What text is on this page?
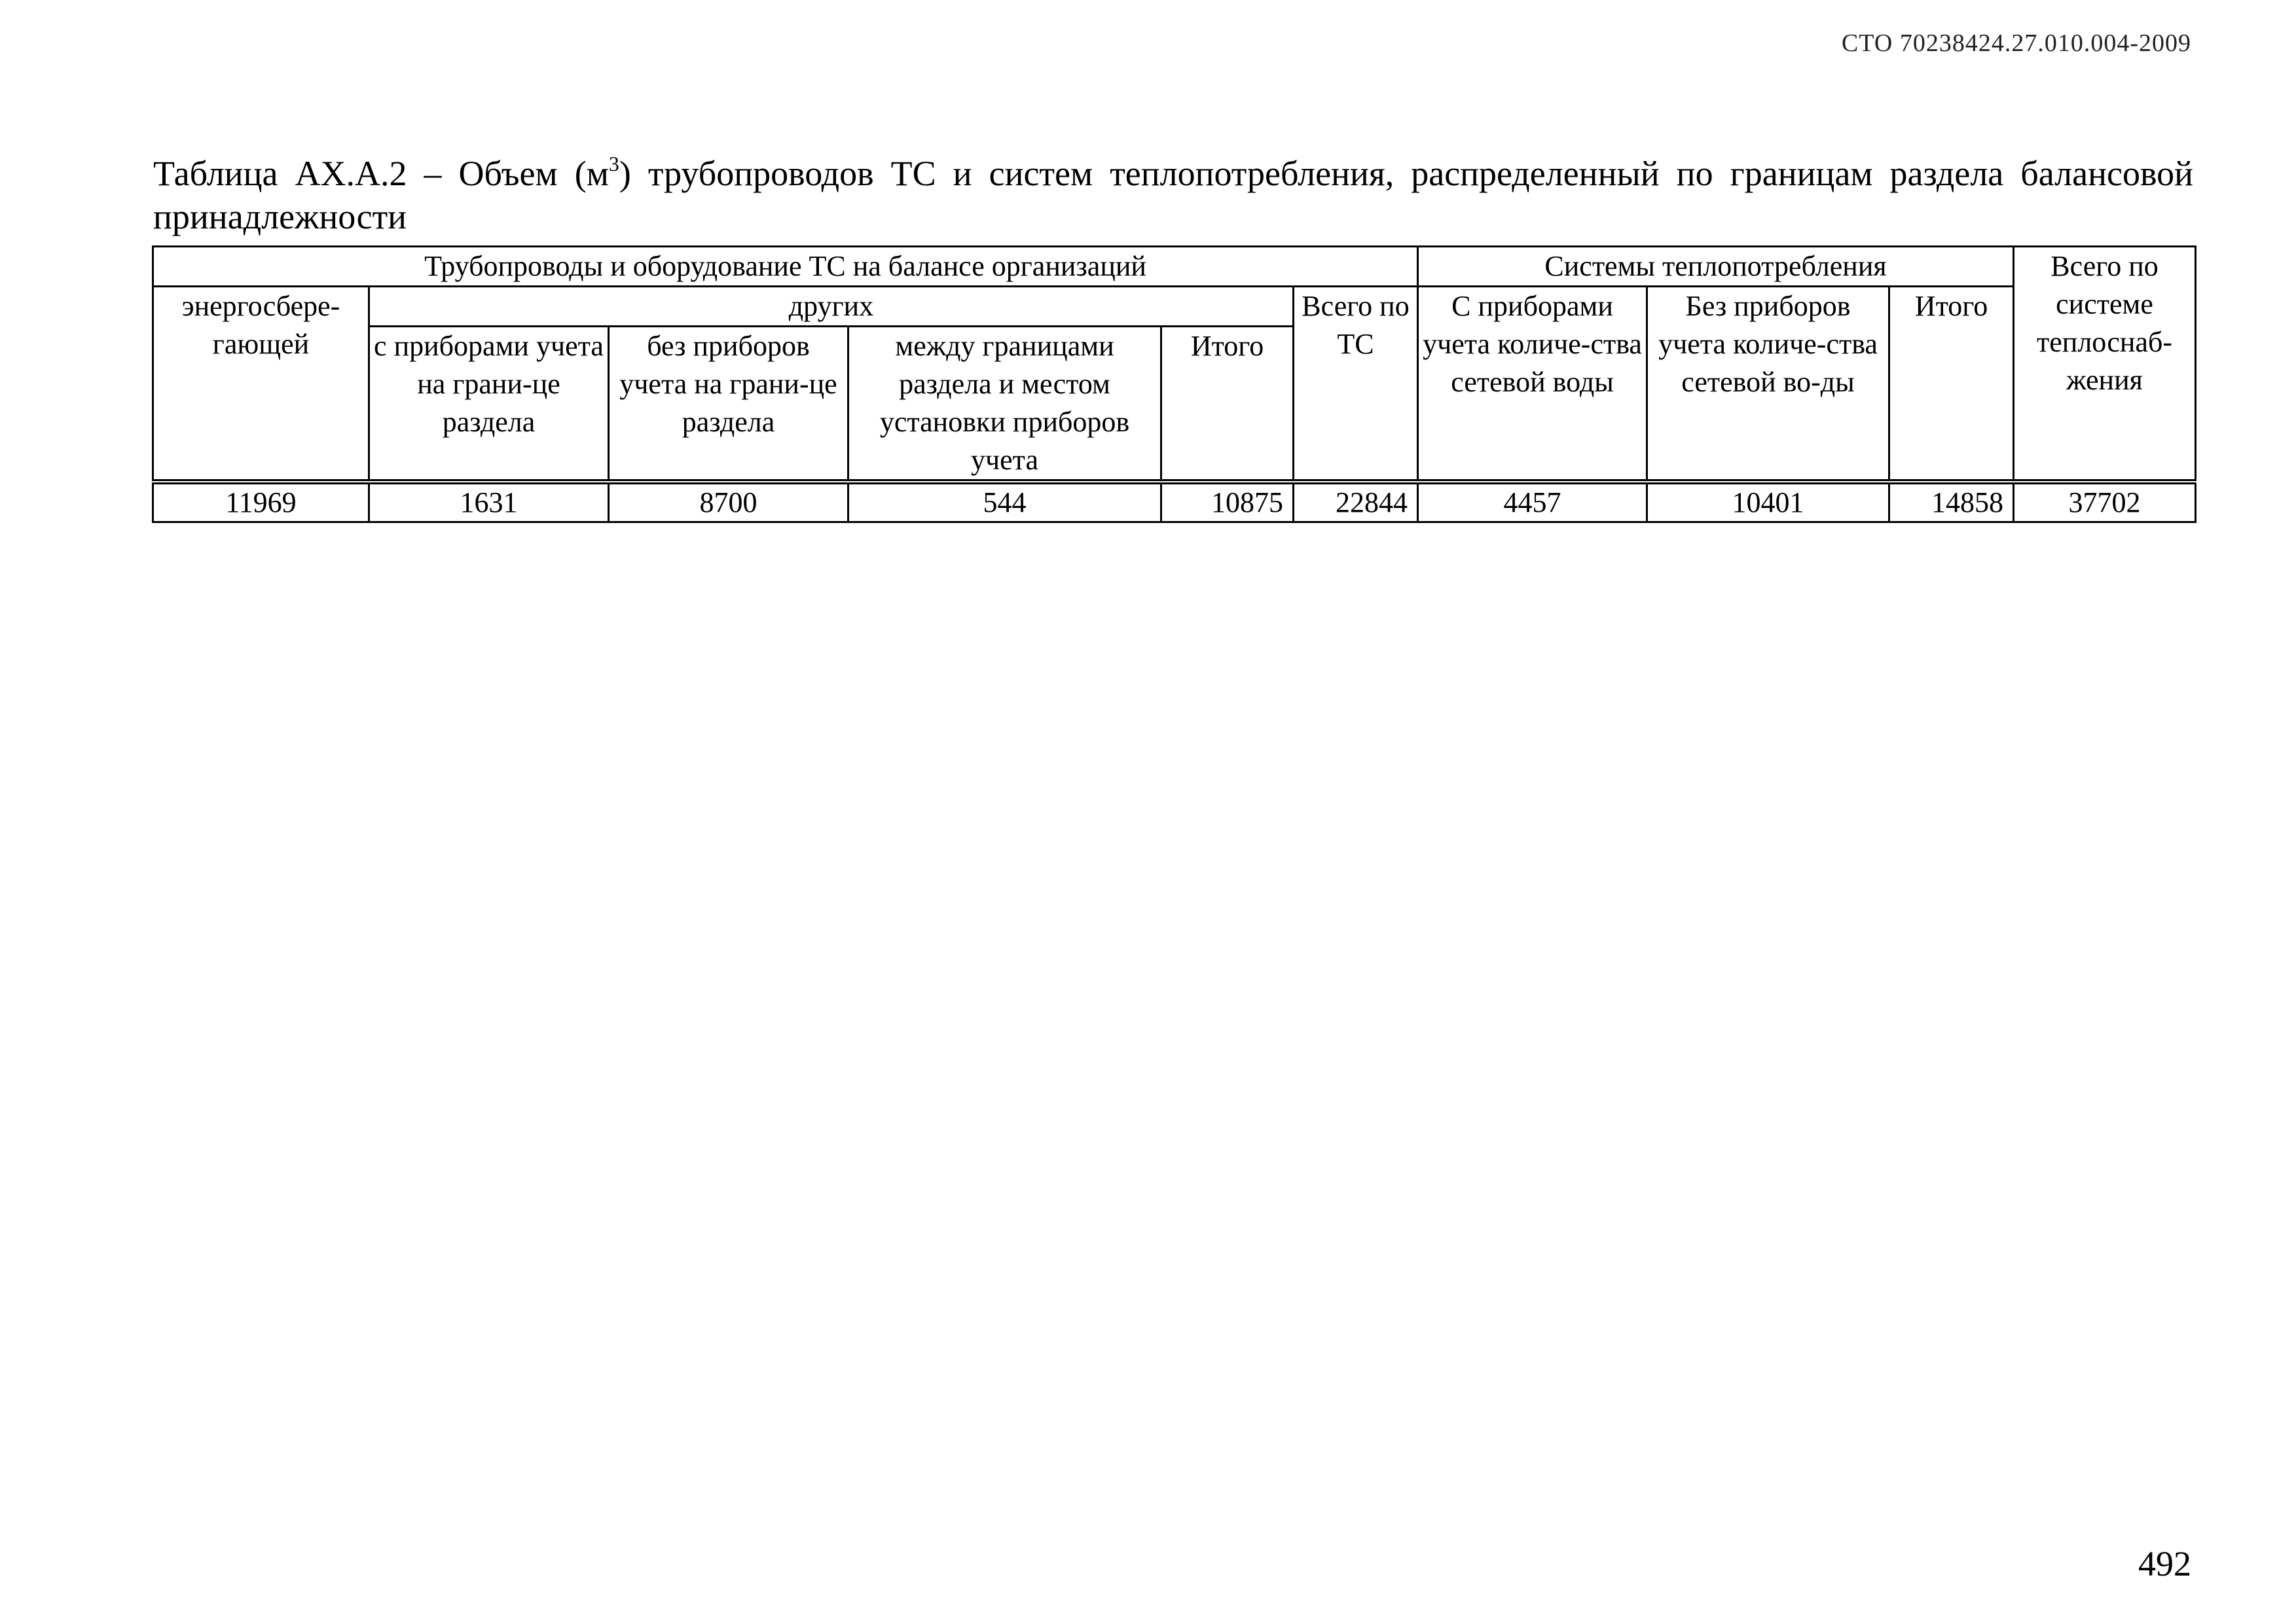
СТО 70238424.27.010.004-2009
Таблица АХ.А.2 – Объем $(м^3)$ трубопроводов ТС и систем теплопотребления, распределенный по границам раздела балансовой принадлежности
Трубопроводы и оборудование ТС на балансе организаций						Системы теплопотребления			Всего по системе теплоснаб-жения
энергосбере-гающей	других				Всего по ТС	С приборами учета количе-ства сетевой воды	Без приборов учета количе-ства сетевой во-ды	Итого	
	с приборами учета на грани-це раздела	без приборов учета на грани-це раздела	между границами раздела и местом установки приборов учета	Итого					
11969	1631	8700	544	10875	22844	4457	10401	14858	37702
492
